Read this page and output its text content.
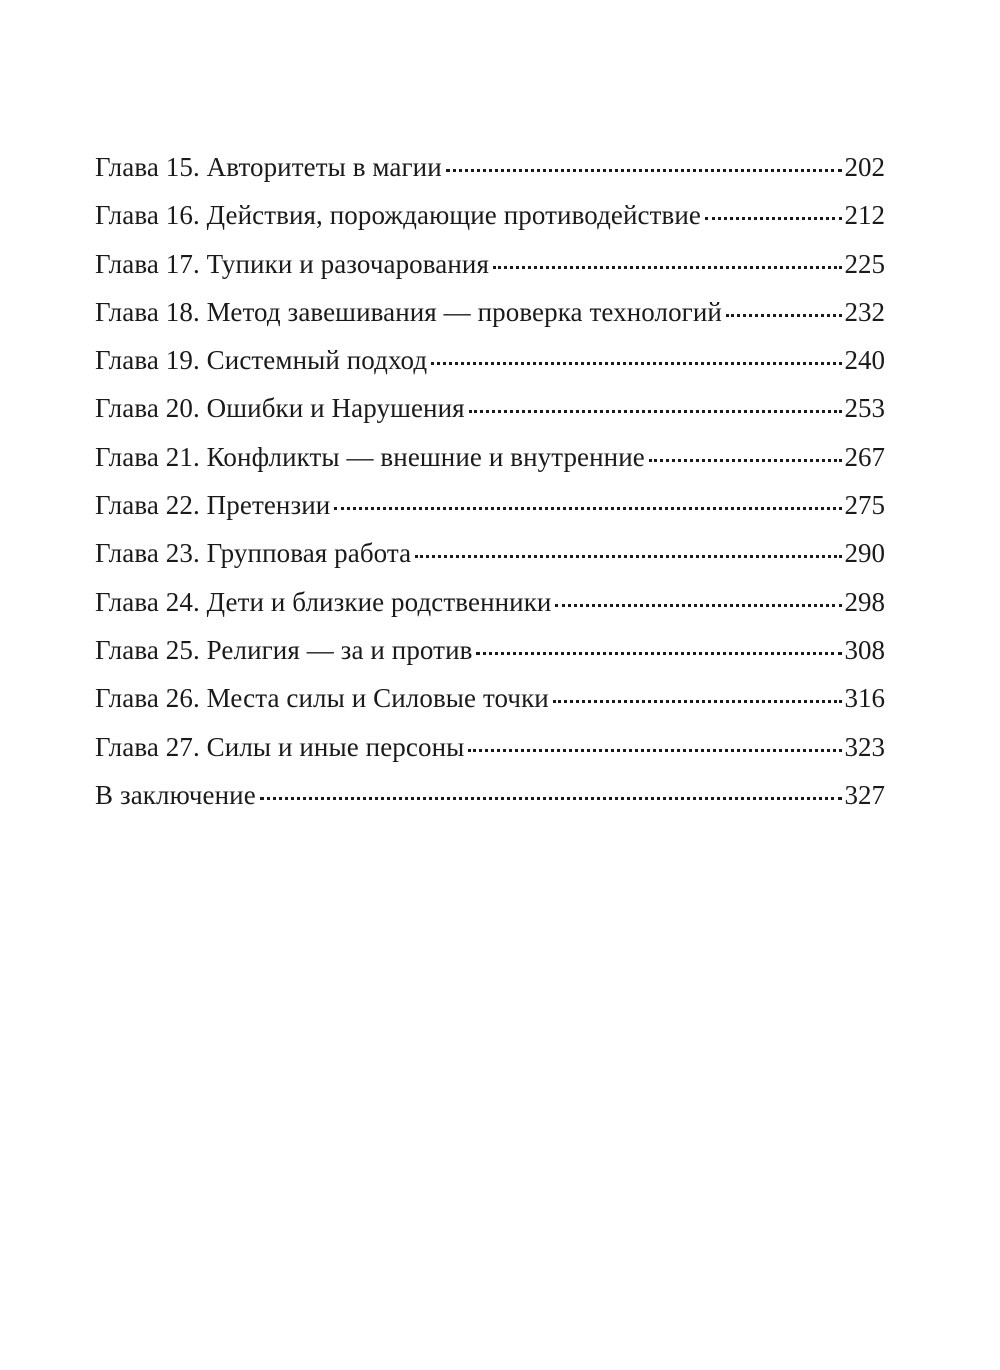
Глава 15. Авторитеты в магии	202
Глава 16. Действия, порождающие противодействие	212
Глава 17. Тупики и разочарования	225
Глава 18. Метод завешивания — проверка технологий	232
Глава 19. Системный подход	240
Глава 20. Ошибки и Нарушения	253
Глава 21. Конфликты — внешние и внутренние	267
Глава 22. Претензии	275
Глава 23. Групповая работа	290
Глава 24. Дети и близкие родственники	298
Глава 25. Религия — за и против	308
Глава 26. Места силы и Силовые точки	316
Глава 27. Силы и иные персоны	323
В заключение	327
